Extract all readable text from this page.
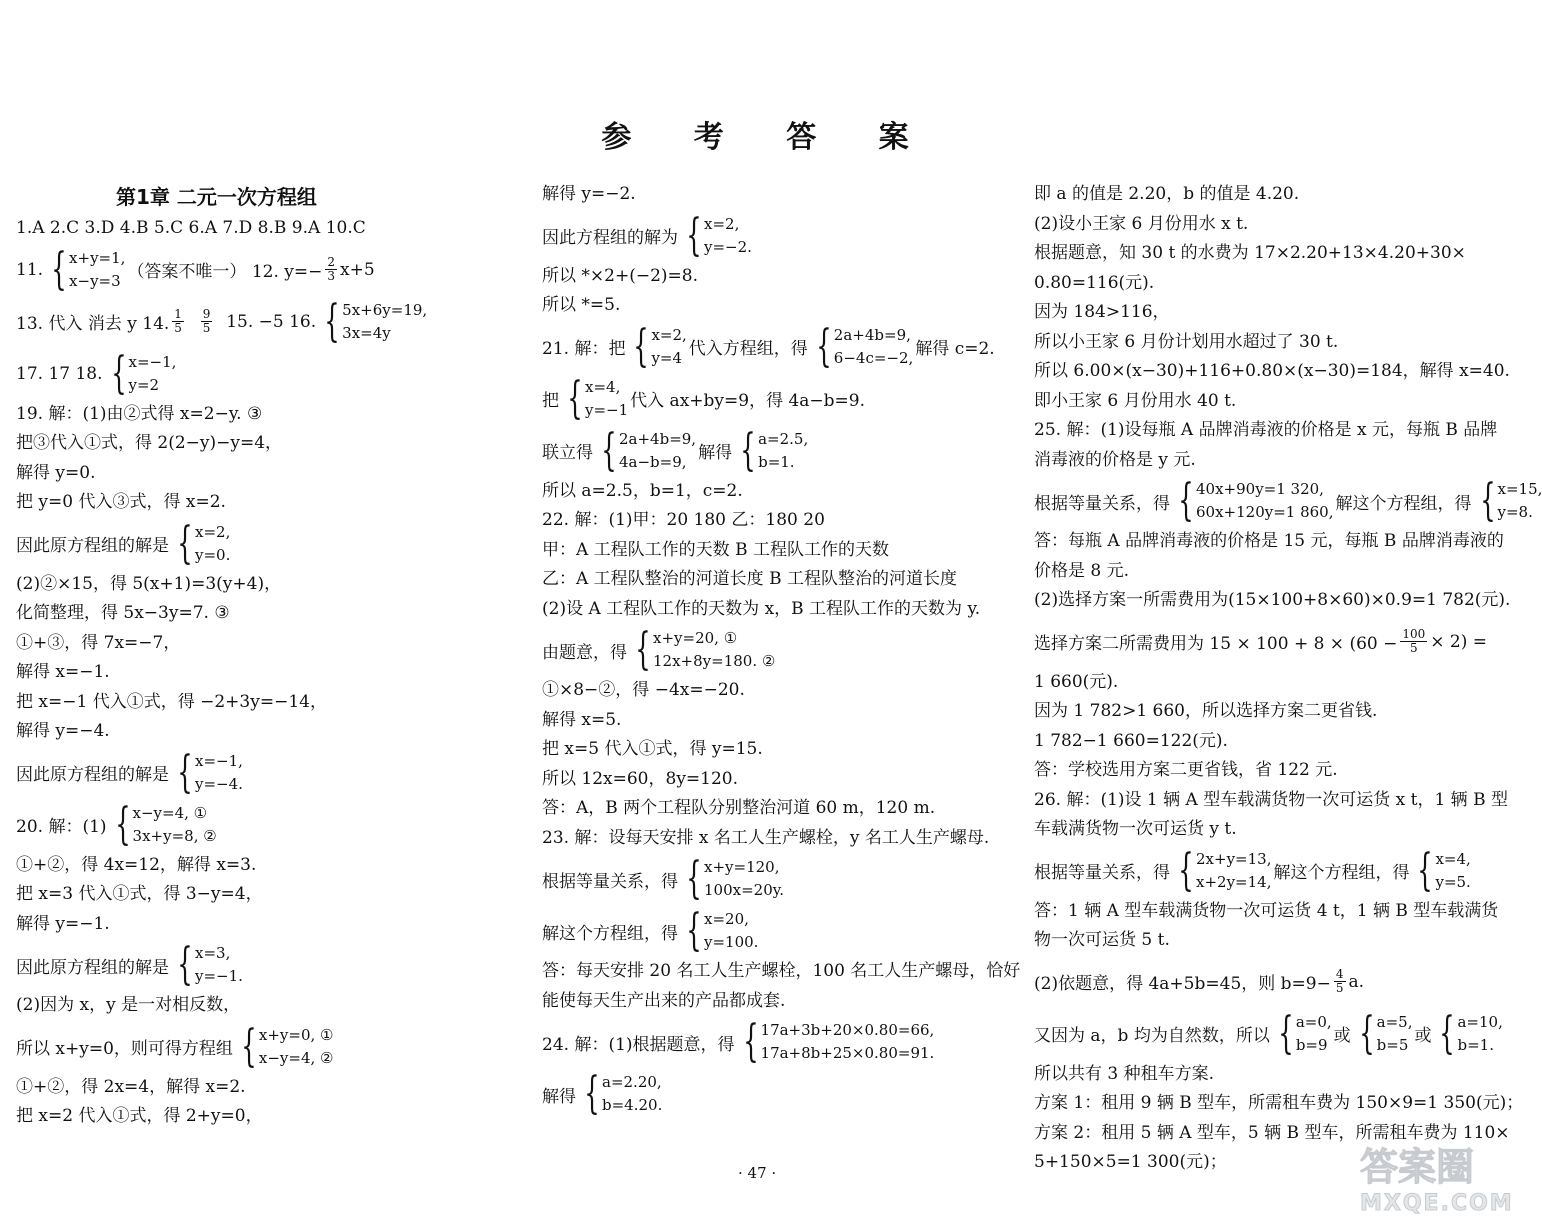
参 考 答 案
第1章 二元一次方程组
1.A 2.C 3.D 4.B 5.C 6.A 7.D 8.B 9.A 10.C
11. { x+y=1,
x−y=3 （答案不唯一） 12. $y=- \frac{2}{3} x+5$
13. 代入 消去 y 14. $\frac{1}{5}$
$\frac{9}{5}$
15. −5 16. { 5x+6y=19,
3x=4y
17. 17 18. { x=−1,
y=2
19. 解：(1)由②式得 x=2−y. ③
把③代入①式，得 2(2−y)−y=4，
解得 y=0.
把 y=0 代入③式，得 x=2.
因此原方程组的解是 { x=2,
y=0.
(2)②×15，得 5(x+1)=3(y+4)，
化简整理，得 5x−3y=7. ③
①+③，得 7x=−7，
解得 x=−1.
把 x=−1 代入①式，得 −2+3y=−14，
解得 y=−4.
因此原方程组的解是 { x=−1,
y=−4.
20. 解：(1) { x−y=4, ①
3x+y=8, ②
①+②，得 4x=12，解得 x=3.
把 x=3 代入①式，得 3−y=4，
解得 y=−1.
因此原方程组的解是 { x=3,
y=−1.
(2)因为 x，y 是一对相反数，
所以 x+y=0，则可得方程组 { x+y=0, ①
x−y=4, ②
①+②，得 2x=4，解得 x=2.
把 x=2 代入①式，得 2+y=0，
解得 y=−2.
因此方程组的解为 { x=2,
y=−2.
所以 *×2+(−2)=8.
所以 *=5.
21. 解：把 { x=2,
y=4 代入方程组，得 { 2a+4b=9,
6−4c=−2, 解得 c=2.
把 { x=4,
y=−1 代入 ax+by=9，得 4a−b=9.
联立得 { 2a+4b=9,
4a−b=9, 解得 { a=2.5,
b=1.
所以 a=2.5，b=1，c=2.
22. 解：(1)甲：20 180 乙：180 20
甲：A 工程队工作的天数 B 工程队工作的天数
乙：A 工程队整治的河道长度 B 工程队整治的河道长度
(2)设 A 工程队工作的天数为 x，B 工程队工作的天数为 y.
由题意，得 { x+y=20, ①
12x+8y=180. ②
①×8−②，得 −4x=−20.
解得 x=5.
把 x=5 代入①式，得 y=15.
所以 12x=60，8y=120.
答：A，B 两个工程队分别整治河道 60 m，120 m.
23. 解：设每天安排 x 名工人生产螺栓，y 名工人生产螺母.
根据等量关系，得 { x+y=120,
100x=20y.
解这个方程组，得 { x=20,
y=100.
答：每天安排 20 名工人生产螺栓，100 名工人生产螺母，恰好
能使每天生产出来的产品都成套.
24. 解：(1)根据题意，得 { 17a+3b+20×0.80=66,
17a+8b+25×0.80=91.
解得 { a=2.20,
b=4.20.
即 a 的值是 2.20，b 的值是 4.20.
(2)设小王家 6 月份用水 x t.
根据题意，知 30 t 的水费为 17×2.20+13×4.20+30×
0.80=116(元).
因为 184>116，
所以小王家 6 月份计划用水超过了 30 t.
所以 6.00×(x−30)+116+0.80×(x−30)=184，解得 x=40.
即小王家 6 月份用水 40 t.
25. 解：(1)设每瓶 A 品牌消毒液的价格是 x 元，每瓶 B 品牌
消毒液的价格是 y 元.
根据等量关系，得 { 40x+90y=1 320,
60x+120y=1 860, 解这个方程组，得 { x=15,
y=8.
答：每瓶 A 品牌消毒液的价格是 15 元，每瓶 B 品牌消毒液的
价格是 8 元.
(2)选择方案一所需费用为(15×100+8×60)×0.9=1 782(元).
选择方案二所需费用为 $15 \times 100 + 8 \times (60 - \frac{100}{5} \times 2)$ =
1 660(元).
因为 1 782>1 660，所以选择方案二更省钱.
1 782−1 660=122(元).
答：学校选用方案二更省钱，省 122 元.
26. 解：(1)设 1 辆 A 型车载满货物一次可运货 x t，1 辆 B 型
车载满货物一次可运货 y t.
根据等量关系，得 { 2x+y=13,
x+2y=14, 解这个方程组，得 { x=4,
y=5.
答：1 辆 A 型车载满货物一次可运货 4 t，1 辆 B 型车载满货
物一次可运货 5 t.
(2)依题意，得 4a+5b=45，则 $b=9- \frac{4}{5} a$.
又因为 a，b 均为自然数，所以 { a=0,
b=9 或 { a=5,
b=5 或 { a=10,
b=1.
所以共有 3 种租车方案.
方案 1：租用 9 辆 B 型车，所需租车费为 150×9=1 350(元)；
方案 2：租用 5 辆 A 型车，5 辆 B 型车，所需租车费为 110×
5+150×5=1 300(元)；
· 47 ·	答案圈
MXQE.COM
